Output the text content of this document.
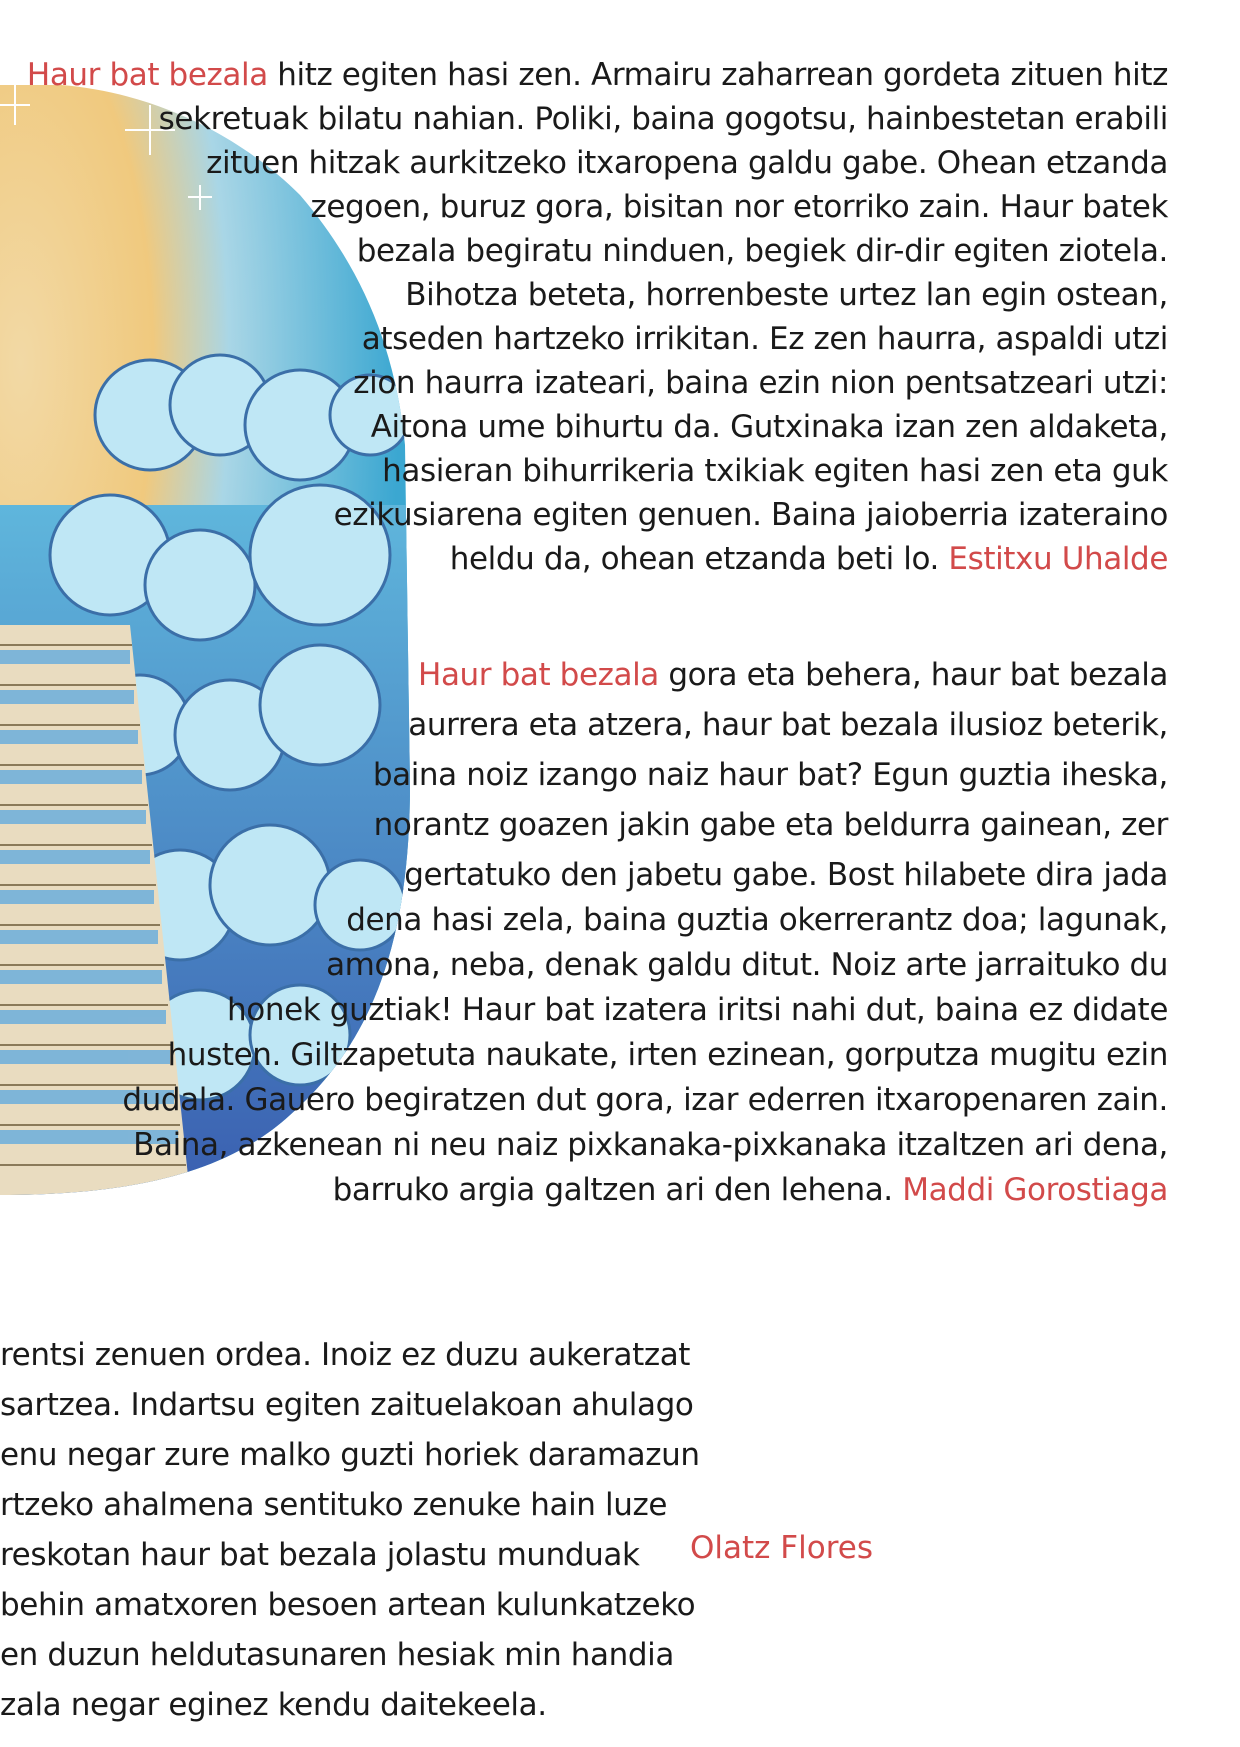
Haur bat bezala hitz egiten hasi zen. Armairu zaharrean gordeta zituen hitz
sekretuak bilatu nahian. Poliki, baina gogotsu, hainbestetan erabili
zituen hitzak aurkitzeko itxaropena galdu gabe. Ohean etzanda
zegoen, buruz gora, bisitan nor etorriko zain. Haur batek
bezala begiratu ninduen, begiek dir-dir egiten ziotela.
Bihotza beteta, horrenbeste urtez lan egin ostean,
atseden hartzeko irrikitan. Ez zen haurra, aspaldi utzi
zion haurra izateari, baina ezin nion pentsatzeari utzi:
Aitona ume bihurtu da. Gutxinaka izan zen aldaketa,
hasieran bihurrikeria txikiak egiten hasi zen eta guk
ezikusiarena egiten genuen. Baina jaioberria izateraino
heldu da, ohean etzanda beti lo. Estitxu Uhalde
Haur bat bezala gora eta behera, haur bat bezala
aurrera eta atzera, haur bat bezala ilusioz beterik,
baina noiz izango naiz haur bat? Egun guztia iheska,
norantz goazen jakin gabe eta beldurra gainean, zer
gertatuko den jabetu gabe. Bost hilabete dira jada
dena hasi zela, baina guztia okerrerantz doa; lagunak,
amona, neba, denak galdu ditut. Noiz arte jarraituko du
honek guztiak! Haur bat izatera iritsi nahi dut, baina ez didate
husten. Giltzapetuta naukate, irten ezinean, gorputza mugitu ezin
dudala. Gauero begiratzen dut gora, izar ederren itxaropenaren zain.
Baina, azkenean ni neu naiz pixkanaka-pixkanaka itzaltzen ari dena,
barruko argia galtzen ari den lehena. Maddi Gorostiaga
rentsi zenuen ordea. Inoiz ez duzu aukeratzat
sartzea. Indartsu egiten zaituelakoan ahulago
enu negar zure malko guzti horiek daramazun
rtzeko ahalmena sentituko zenuke hain luze
reskotan haur bat bezala jolastu munduak
behin amatxoren besoen artean kulunkatzeko
en duzun heldutasunaren hesiak min handia
zala negar eginez kendu daitekeela.
Olatz Flores
